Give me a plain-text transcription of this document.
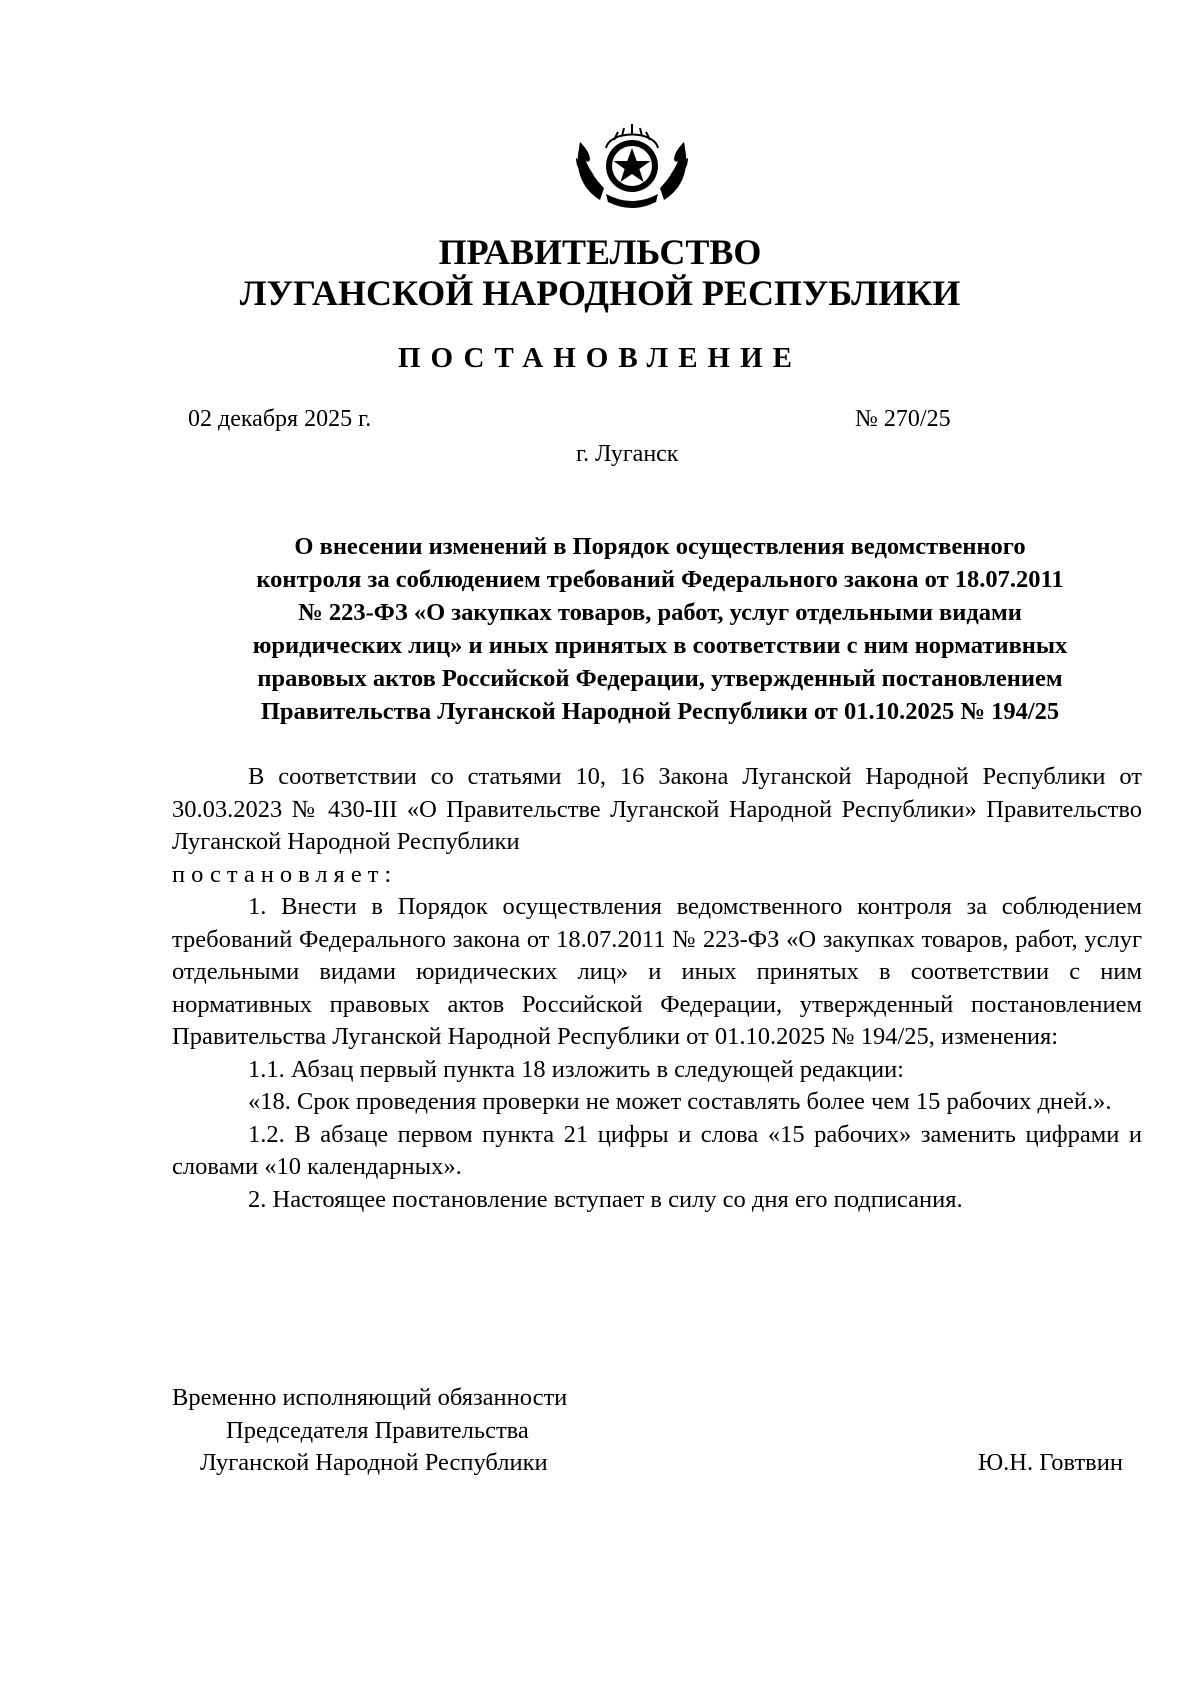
ПРАВИТЕЛЬСТВО
ЛУГАНСКОЙ НАРОДНОЙ РЕСПУБЛИКИ
ПОСТАНОВЛЕНИЕ
02 декабря 2025 г.	№ 270/25
г. Луганск
О внесении изменений в Порядок осуществления ведомственного
контроля за соблюдением требований Федерального закона от 18.07.2011
№ 223-ФЗ «О закупках товаров, работ, услуг отдельными видами
юридических лиц» и иных принятых в соответствии с ним нормативных
правовых актов Российской Федерации, утвержденный постановлением
Правительства Луганской Народной Республики от 01.10.2025 № 194/25

В соответствии со статьями 10, 16 Закона Луганской Народной Республики от 30.03.2023 № 430-III «О Правительстве Луганской Народной Республики» Правительство Луганской Народной Республики

постановляет:

1. Внести в Порядок осуществления ведомственного контроля за соблюдением требований Федерального закона от 18.07.2011 № 223-ФЗ «О закупках товаров, работ, услуг отдельными видами юридических лиц» и иных принятых в соответствии с ним нормативных правовых актов Российской Федерации, утвержденный постановлением Правительства Луганской Народной Республики от 01.10.2025 № 194/25, изменения:

1.1. Абзац первый пункта 18 изложить в следующей редакции:

«18. Срок проведения проверки не может составлять более чем 15 рабочих дней.».

1.2. В абзаце первом пункта 21 цифры и слова «15 рабочих» заменить цифрами и словами «10 календарных».

2. Настоящее постановление вступает в силу со дня его подписания.

Временно исполняющий обязанности
Председателя Правительства
Луганской Народной Республики	Ю.Н. Говтвин
